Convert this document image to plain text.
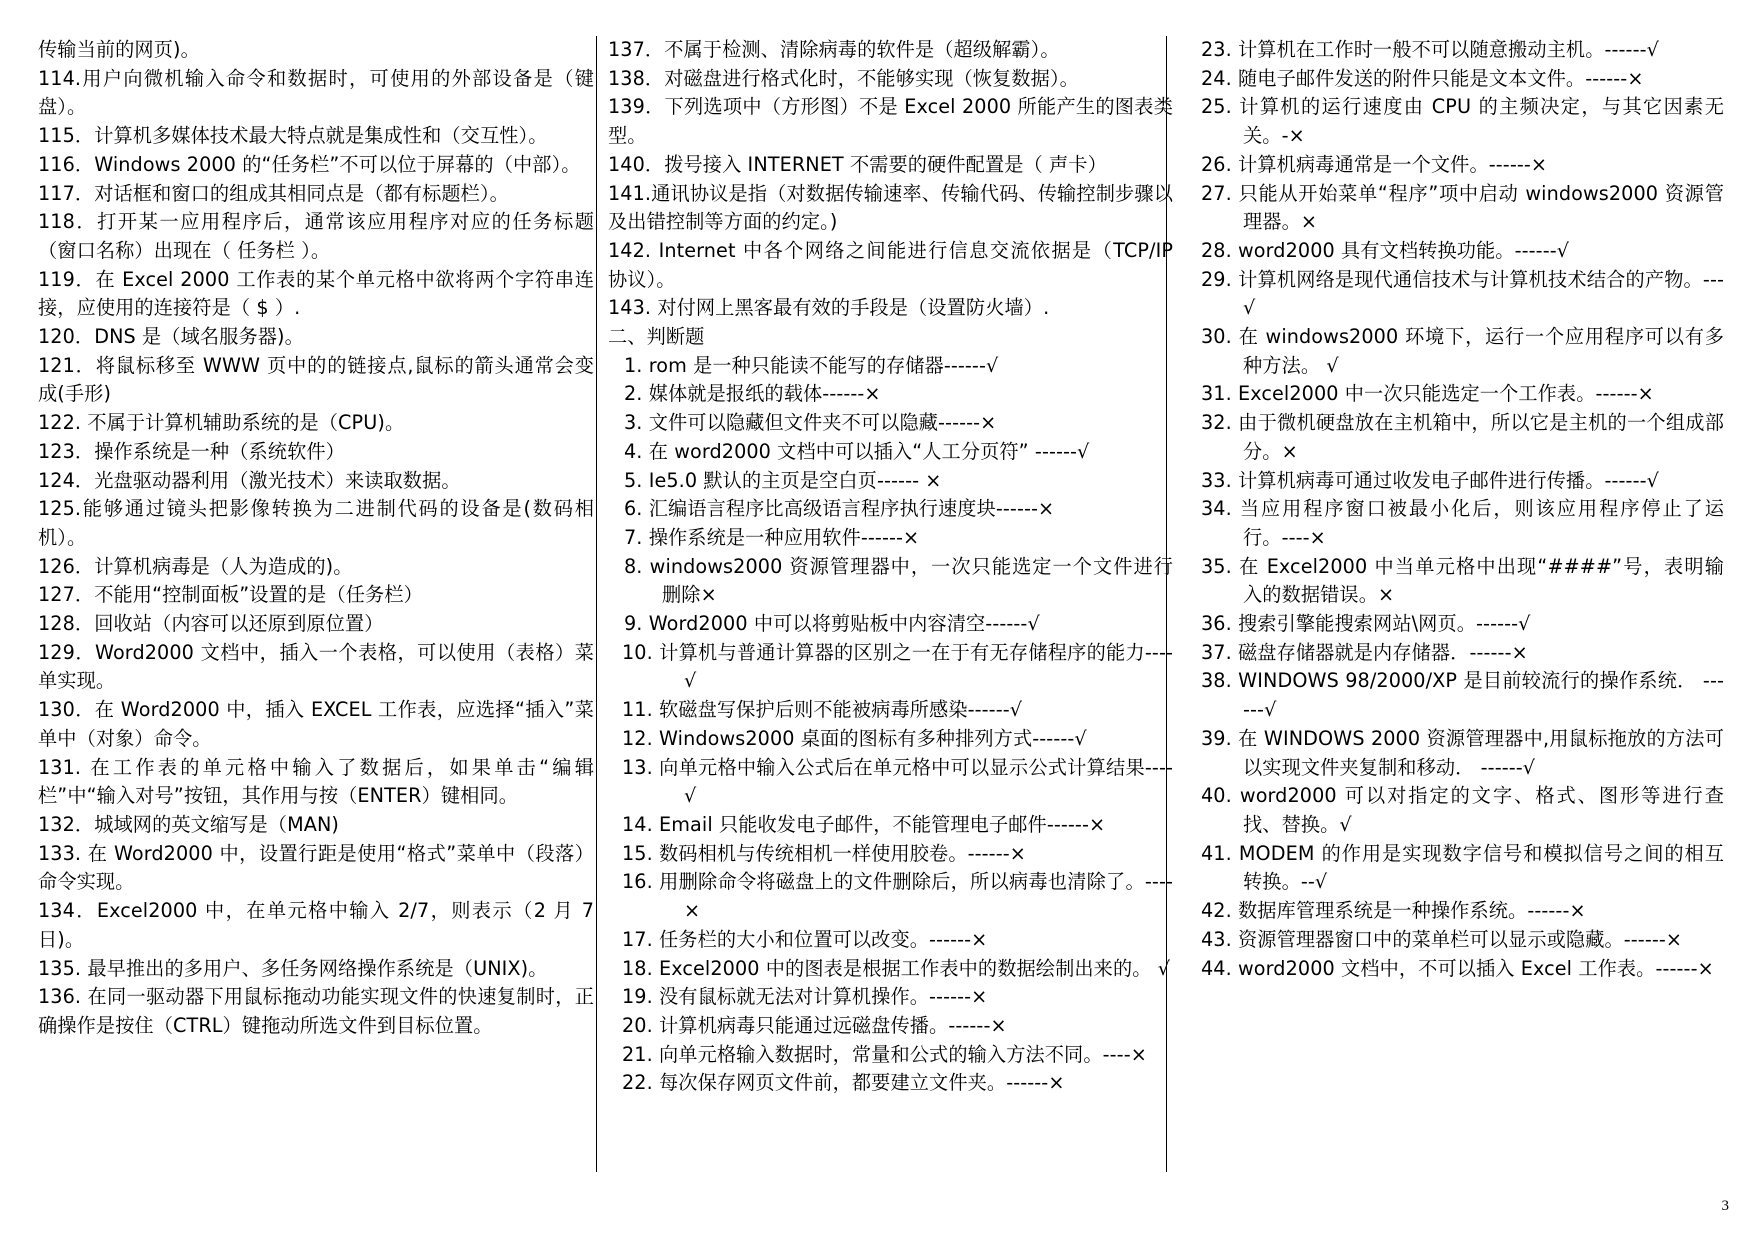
传输当前的网页)。

114.用户向微机输入命令和数据时，可使用的外部设备是（键盘）。

115．计算机多媒体技术最大特点就是集成性和（交互性）。

116．Windows 2000 的“任务栏”不可以位于屏幕的（中部）。

117．对话框和窗口的组成其相同点是（都有标题栏）。

118．打开某一应用程序后，通常该应用程序对应的任务标题（窗口名称）出现在（ 任务栏 ）。

119．在 Excel 2000 工作表的某个单元格中欲将两个字符串连接，应使用的连接符是（ $ ）.

120．DNS 是（域名服务器)。

121．将鼠标移至 WWW 页中的的链接点,鼠标的箭头通常会变成(手形)

122. 不属于计算机辅助系统的是（CPU)。

123．操作系统是一种（系统软件）

124．光盘驱动器利用（激光技术）来读取数据。

125.能够通过镜头把影像转换为二进制代码的设备是(数码相机）。

126．计算机病毒是（人为造成的)。

127．不能用“控制面板”设置的是（任务栏）

128．回收站（内容可以还原到原位置）

129．Word2000 文档中，插入一个表格，可以使用（表格）菜单实现。

130．在 Word2000 中，插入 EXCEL 工作表，应选择“插入”菜单中（对象）命令。

131. 在工作表的单元格中输入了数据后，如果单击“编辑栏”中“输入对号”按钮，其作用与按（ENTER）键相同。

132．城域网的英文缩写是（MAN)

133. 在 Word2000 中，设置行距是使用“格式”菜单中（段落）命令实现。

134．Excel2000 中，在单元格中输入 2/7，则表示（2 月 7 日)。

135. 最早推出的多用户、多任务网络操作系统是（UNIX)。

136. 在同一驱动器下用鼠标拖动功能实现文件的快速复制时，正确操作是按住（CTRL）键拖动所选文件到目标位置。

137．不属于检测、清除病毒的软件是（超级解霸）。

138．对磁盘进行格式化时，不能够实现（恢复数据）。

139．下列选项中（方形图）不是 Excel 2000 所能产生的图表类型。

140．拨号接入 INTERNET 不需要的硬件配置是（ 声卡）

141.通讯协议是指（对数据传输速率、传输代码、传输控制步骤以及出错控制等方面的约定。)

142. Internet 中各个网络之间能进行信息交流依据是（TCP/IP 协议）。

143. 对付网上黑客最有效的手段是（设置防火墙）.

二、判断题

1. rom 是一种只能读不能写的存储器------√

2. 媒体就是报纸的载体------×

3. 文件可以隐藏但文件夹不可以隐藏------×

4. 在 word2000 文档中可以插入“人工分页符” ------√

5. Ie5.0 默认的主页是空白页------ ×

6. 汇编语言程序比高级语言程序执行速度块------×

7. 操作系统是一种应用软件------×

8. windows2000 资源管理器中，一次只能选定一个文件进行删除×

9. Word2000 中可以将剪贴板中内容清空------√

10. 计算机与普通计算器的区别之一在于有无存储程序的能力----√

11. 软磁盘写保护后则不能被病毒所感染------√

12. Windows2000 桌面的图标有多种排列方式------√

13. 向单元格中输入公式后在单元格中可以显示公式计算结果----√

14. Email 只能收发电子邮件，不能管理电子邮件------×

15. 数码相机与传统相机一样使用胶卷。------×

16. 用删除命令将磁盘上的文件删除后，所以病毒也清除了。----×

17. 任务栏的大小和位置可以改变。------×

18. Excel2000 中的图表是根据工作表中的数据绘制出来的。 √

19. 没有鼠标就无法对计算机操作。------×

20. 计算机病毒只能通过远磁盘传播。------×

21. 向单元格输入数据时，常量和公式的输入方法不同。----×

22. 每次保存网页文件前，都要建立文件夹。------×

23. 计算机在工作时一般不可以随意搬动主机。------√

24. 随电子邮件发送的附件只能是文本文件。------×

25. 计算机的运行速度由 CPU 的主频决定，与其它因素无关。-×

26. 计算机病毒通常是一个文件。------×

27. 只能从开始菜单“程序”项中启动 windows2000 资源管理器。×

28. word2000 具有文档转换功能。------√

29. 计算机网络是现代通信技术与计算机技术结合的产物。---√

30. 在 windows2000 环境下，运行一个应用程序可以有多种方法。 √

31. Excel2000 中一次只能选定一个工作表。------×

32. 由于微机硬盘放在主机箱中，所以它是主机的一个组成部分。×

33. 计算机病毒可通过收发电子邮件进行传播。------√

34. 当应用程序窗口被最小化后，则该应用程序停止了运行。----×

35. 在 Excel2000 中当单元格中出现“####”号，表明输入的数据错误。×

36. 搜索引擎能搜索网站\网页。------√

37. 磁盘存储器就是内存储器．------×

38. WINDOWS 98/2000/XP 是目前较流行的操作系统． ------√

39. 在 WINDOWS 2000 资源管理器中,用鼠标拖放的方法可以实现文件夹复制和移动． ------√

40. word2000 可以对指定的文字、格式、图形等进行查找、替换。√

41. MODEM 的作用是实现数字信号和模拟信号之间的相互转换。--√

42. 数据库管理系统是一种操作系统。------×

43. 资源管理器窗口中的菜单栏可以显示或隐藏。------×

44. word2000 文档中，不可以插入 Excel 工作表。------×

3
